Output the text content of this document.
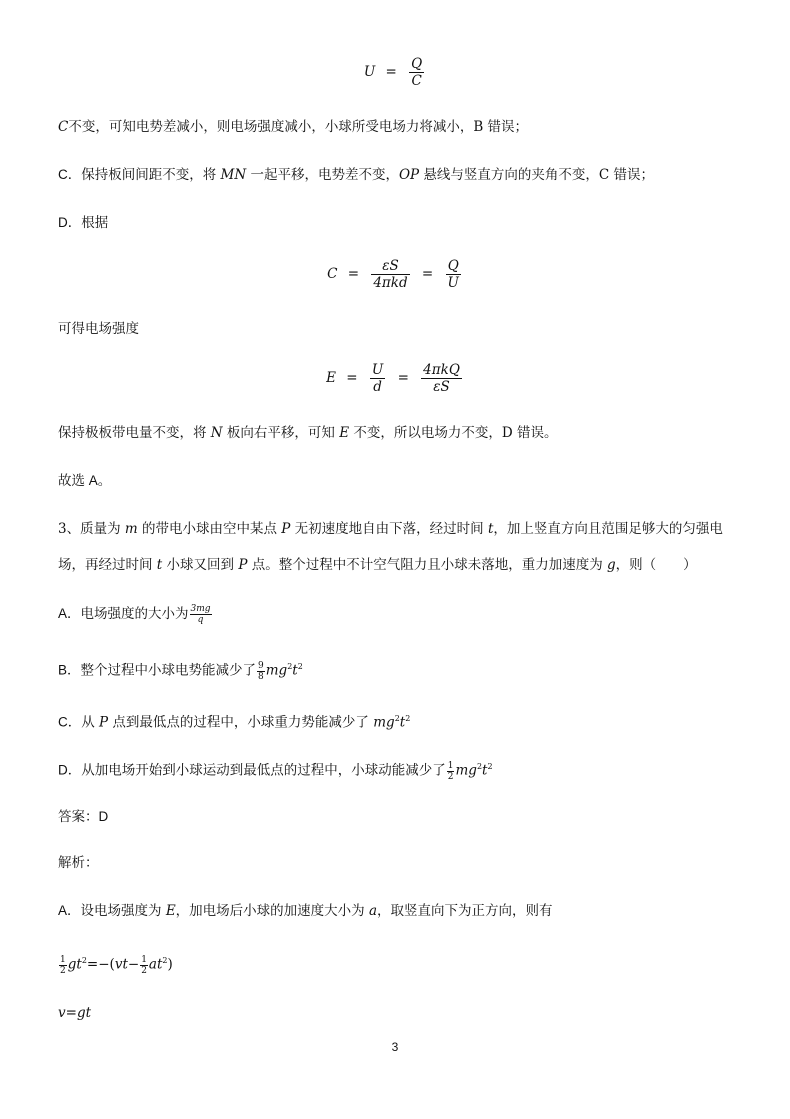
$U = \frac{Q}{C}$
C不变，可知电势差减小，则电场强度减小，小球所受电场力将减小，B 错误；
C．保持板间间距不变，将 MN 一起平移，电势差不变，OP 悬线与竖直方向的夹角不变，C 错误；
D．根据
$C = \frac{\varepsilon S}{\text{4πkd}} = \frac{Q}{U}$
可得电场强度
$E = \frac{U}{d} = \frac{\text{4πkQ}}{\varepsilon S}$
保持极板带电量不变，将 N 板向右平移，可知 E 不变，所以电场力不变，D 错误。
故选 A。
3、质量为 m 的带电小球由空中某点 P 无初速度地自由下落，经过时间 t，加上竖直方向且范围足够大的匀强电
场，再经过时间 t 小球又回到 P 点。整个过程中不计空气阻力且小球未落地，重力加速度为 g，则（　　）
A．电场强度的大小为 $\frac{3mg}{q}$
B．整个过程中小球电势能减少了 $\frac{9}{8} mg^2t^2$
C．从 P 点到最低点的过程中，小球重力势能减少了 $mg^2t^2$
D．从加电场开始到小球运动到最低点的过程中，小球动能减少了 $\frac{1}{2} mg^2t^2$
答案：D
解析：
A．设电场强度为 E，加电场后小球的加速度大小为 a，取竖直向下为正方向，则有
$\frac{1}{2} gt^2=-(vt- \frac{1}{2} at^2)$
v=gt
3
